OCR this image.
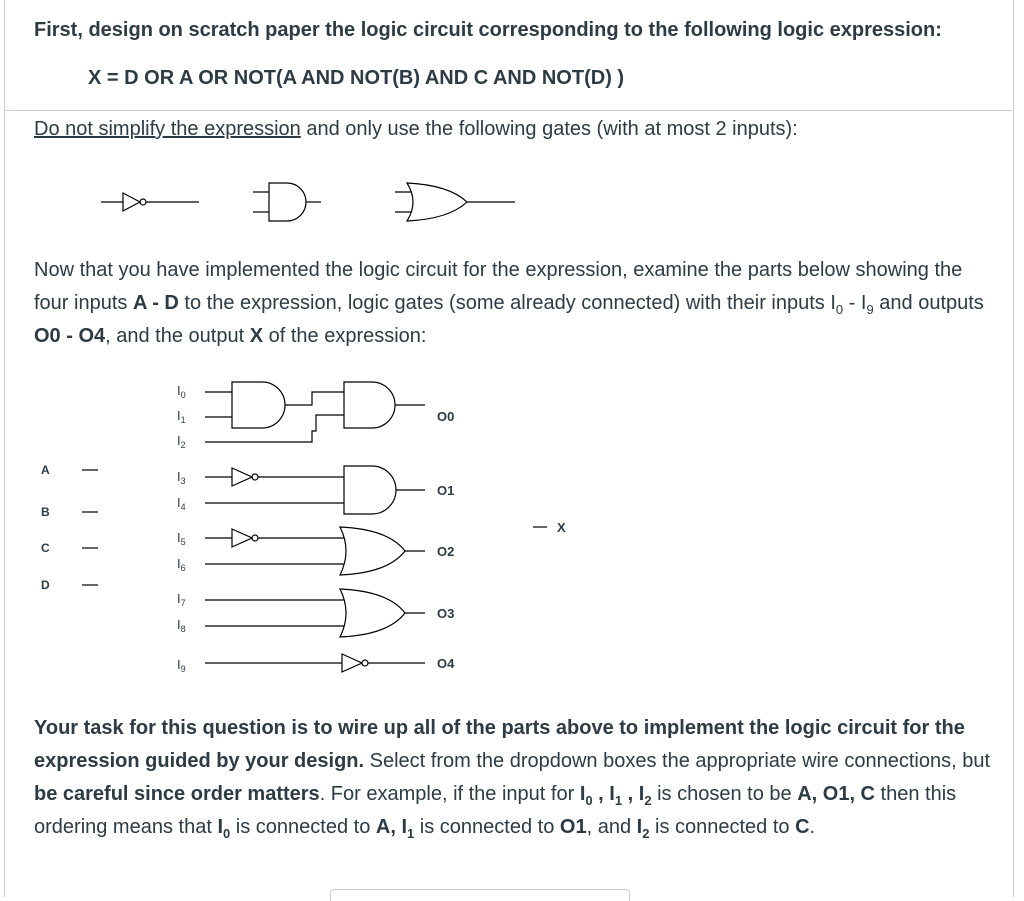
First, design on scratch paper the logic circuit corresponding to the following logic expression:
X = D OR A OR NOT(A AND NOT(B) AND C AND NOT(D) )
Do not simplify the expression and only use the following gates (with at most 2 inputs):
Now that you have implemented the logic circuit for the expression, examine the parts below showing the four inputs A - D to the expression, logic gates (some already connected) with their inputs $I_0 - I_9$ and outputs O0 - O4, and the output X of the expression:
A
B
C
D
$I_0$
$I_1$
$I_2$
$I_3$
$I_4$
$I_5$
$I_6$
$I_7$
$I_8$
$I_9$
O0
O1
O2
O3
O4
X
Your task for this question is to wire up all of the parts above to implement the logic circuit for the expression guided by your design. Select from the dropdown boxes the appropriate wire connections, but be careful since order matters. For example, if the input for $I_0$ , $I_1$ , $I_2$ is chosen to be A, O1, C then this ordering means that $I_0$ is connected to A, $I_1$ is connected to O1, and $I_2$ is connected to C.
